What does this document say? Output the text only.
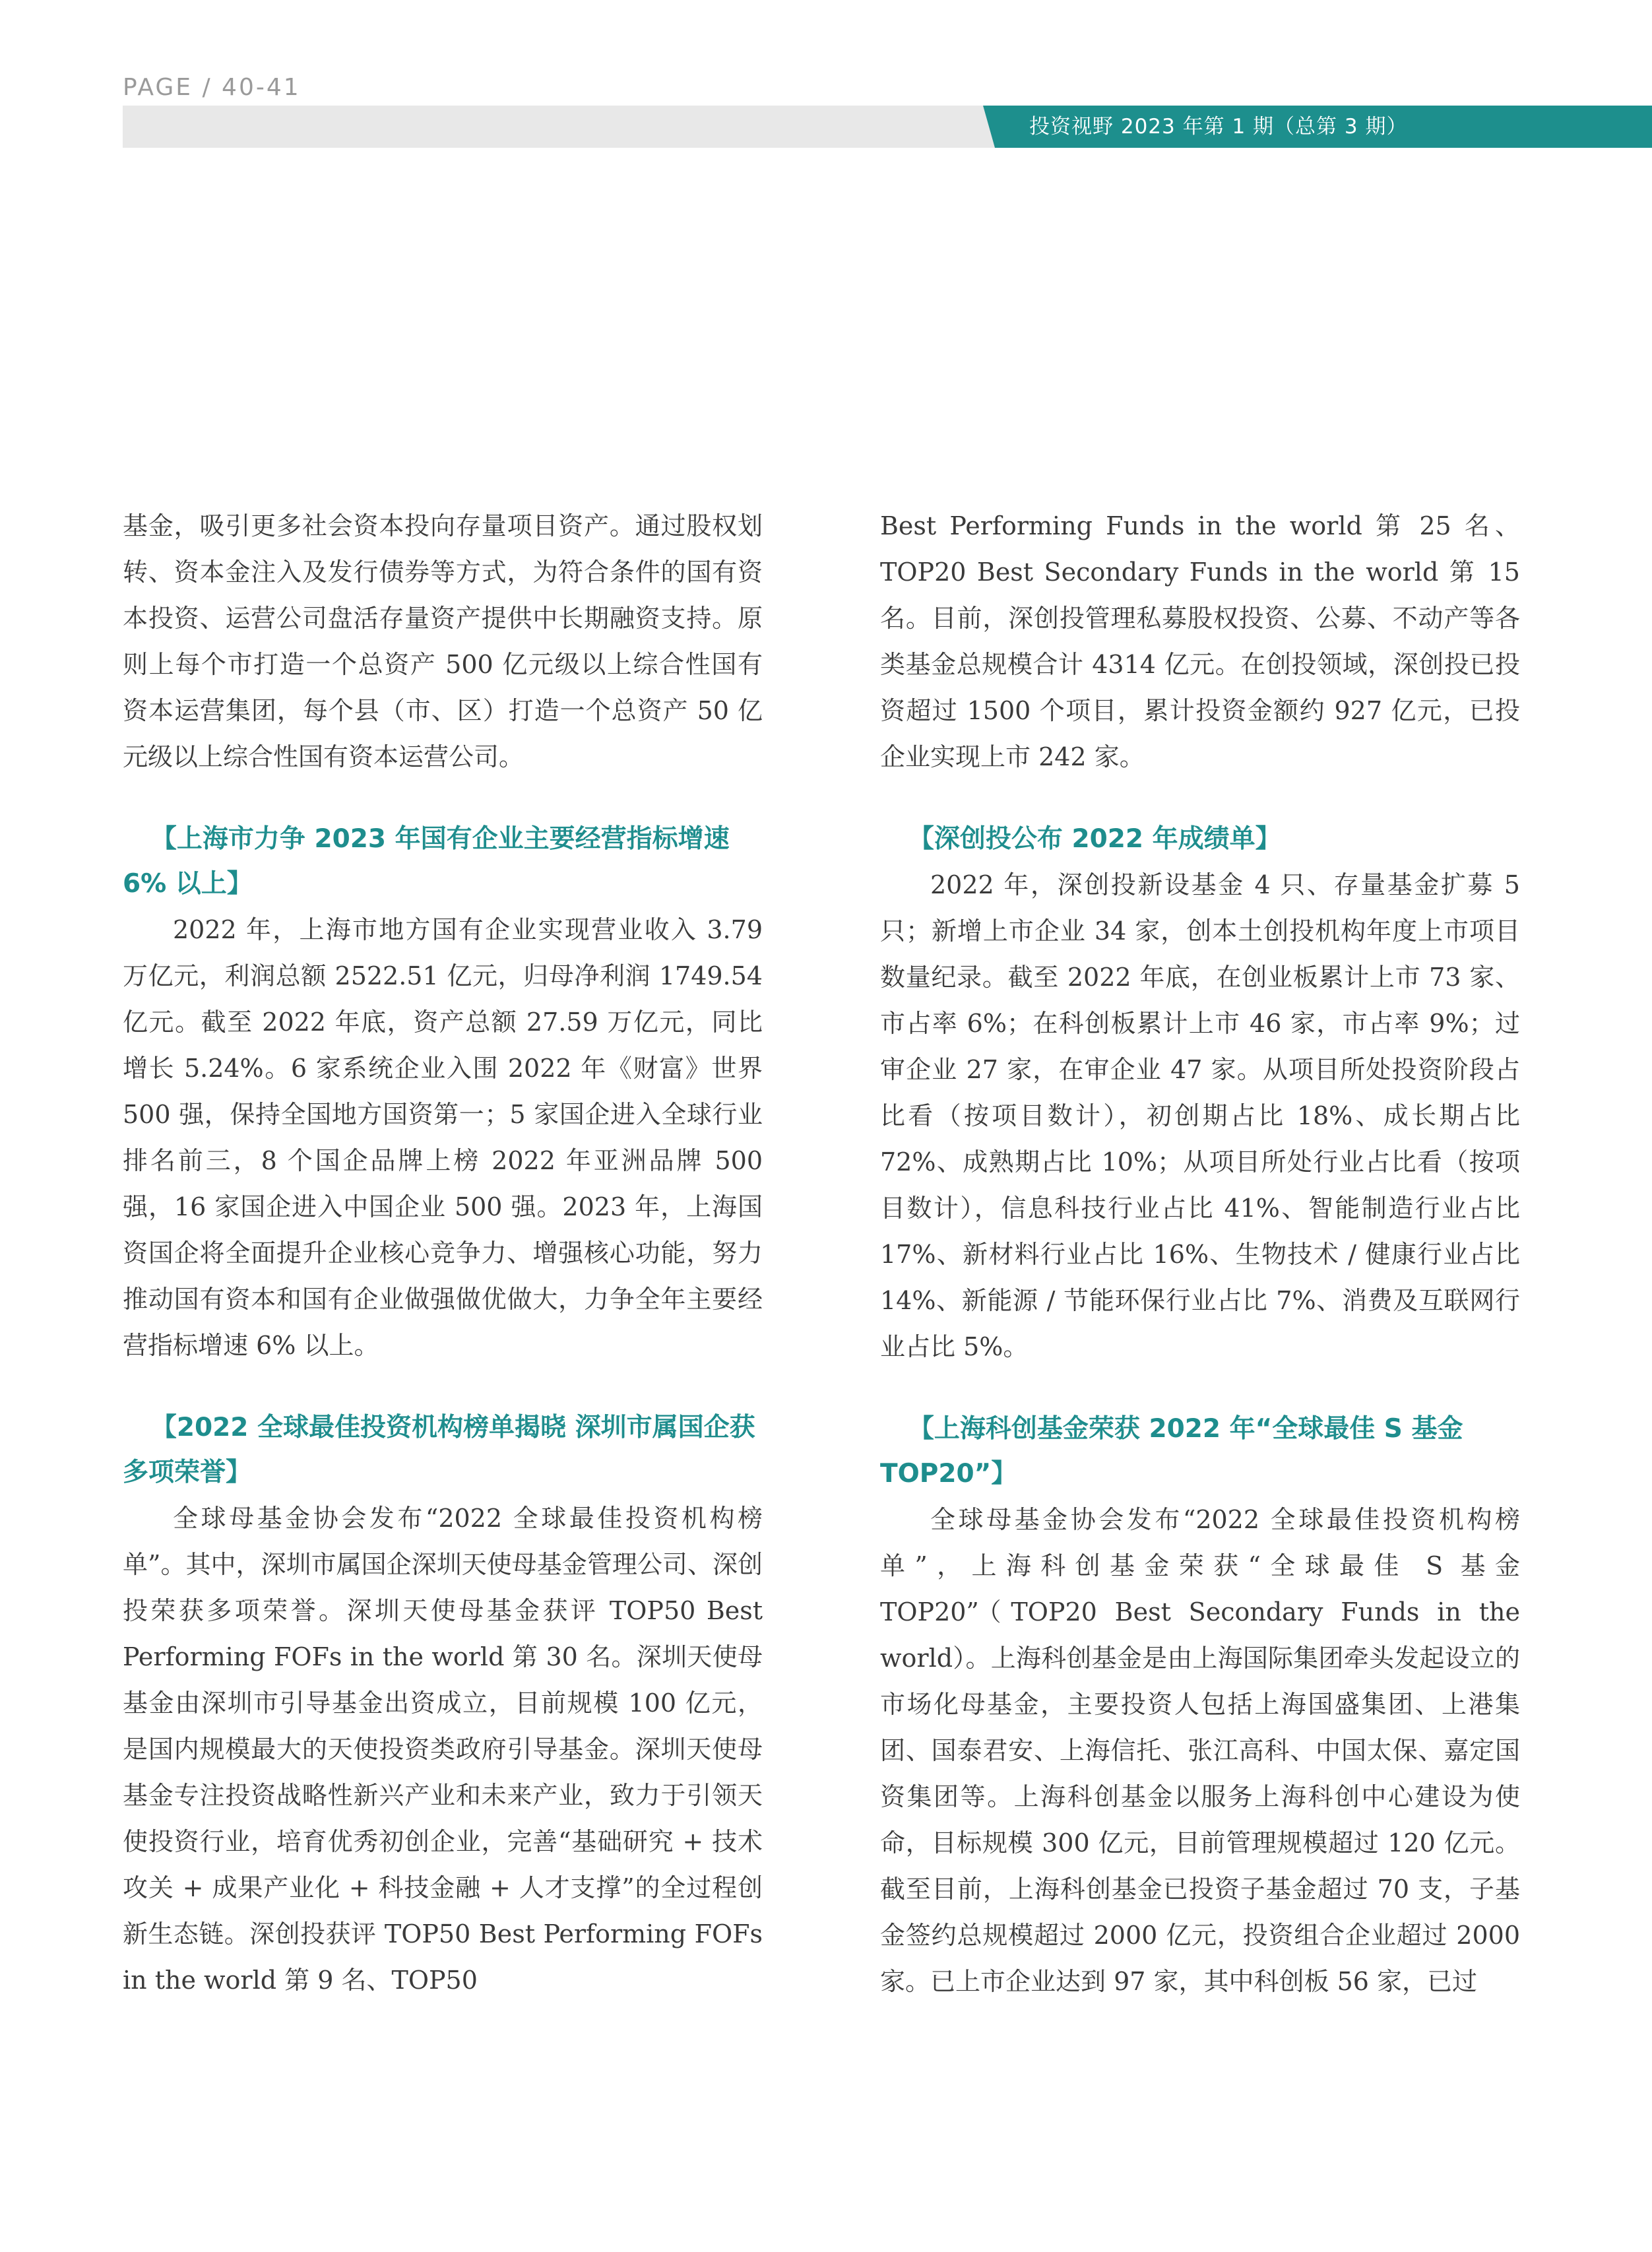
PAGE / 40-41
投资视野 2023 年第 1 期（总第 3 期）

基金，吸引更多社会资本投向存量项目资产。通过股权划转、资本金注入及发行债券等方式，为符合条件的国有资本投资、运营公司盘活存量资产提供中长期融资支持。原则上每个市打造一个总资产 500 亿元级以上综合性国有资本运营集团，每个县（市、区）打造一个总资产 50 亿元级以上综合性国有资本运营公司。

【上海市力争 2023 年国有企业主要经营指标增速 6% 以上】

2022 年，上海市地方国有企业实现营业收入 3.79 万亿元，利润总额 2522.51 亿元，归母净利润 1749.54 亿元。截至 2022 年底，资产总额 27.59 万亿元，同比增长 5.24%。6 家系统企业入围 2022 年《财富》世界 500 强，保持全国地方国资第一；5 家国企进入全球行业排名前三，8 个国企品牌上榜 2022 年亚洲品牌 500 强，16 家国企进入中国企业 500 强。2023 年，上海国资国企将全面提升企业核心竞争力、增强核心功能，努力推动国有资本和国有企业做强做优做大，力争全年主要经营指标增速 6% 以上。

【2022 全球最佳投资机构榜单揭晓 深圳市属国企获多项荣誉】

全球母基金协会发布“2022 全球最佳投资机构榜单”。其中，深圳市属国企深圳天使母基金管理公司、深创投荣获多项荣誉。深圳天使母基金获评 TOP50 Best Performing FOFs in the world 第 30 名。深圳天使母基金由深圳市引导基金出资成立，目前规模 100 亿元，是国内规模最大的天使投资类政府引导基金。深圳天使母基金专注投资战略性新兴产业和未来产业，致力于引领天使投资行业，培育优秀初创企业，完善“基础研究 + 技术攻关 + 成果产业化 + 科技金融 + 人才支撑”的全过程创新生态链。深创投获评 TOP50 Best Performing FOFs in the world 第 9 名、TOP50

Best Performing Funds in the world 第 25 名、TOP20 Best Secondary Funds in the world 第 15 名。目前，深创投管理私募股权投资、公募、不动产等各类基金总规模合计 4314 亿元。在创投领域，深创投已投资超过 1500 个项目，累计投资金额约 927 亿元，已投企业实现上市 242 家。

【深创投公布 2022 年成绩单】

2022 年，深创投新设基金 4 只、存量基金扩募 5 只；新增上市企业 34 家，创本土创投机构年度上市项目数量纪录。截至 2022 年底，在创业板累计上市 73 家、市占率 6%；在科创板累计上市 46 家，市占率 9%；过审企业 27 家，在审企业 47 家。从项目所处投资阶段占比看（按项目数计），初创期占比 18%、成长期占比 72%、成熟期占比 10%；从项目所处行业占比看（按项目数计），信息科技行业占比 41%、智能制造行业占比 17%、新材料行业占比 16%、生物技术 / 健康行业占比 14%、新能源 / 节能环保行业占比 7%、消费及互联网行业占比 5%。

【上海科创基金荣获 2022 年“全球最佳 S 基金 TOP20”】

全球母基金协会发布“2022 全球最佳投资机构榜单”，上海科创基金荣获“全球最佳 S 基金 TOP20”（TOP20 Best Secondary Funds in the world）。上海科创基金是由上海国际集团牵头发起设立的市场化母基金，主要投资人包括上海国盛集团、上港集团、国泰君安、上海信托、张江高科、中国太保、嘉定国资集团等。上海科创基金以服务上海科创中心建设为使命，目标规模 300 亿元，目前管理规模超过 120 亿元。截至目前，上海科创基金已投资子基金超过 70 支，子基金签约总规模超过 2000 亿元，投资组合企业超过 2000 家。已上市企业达到 97 家，其中科创板 56 家，已过
